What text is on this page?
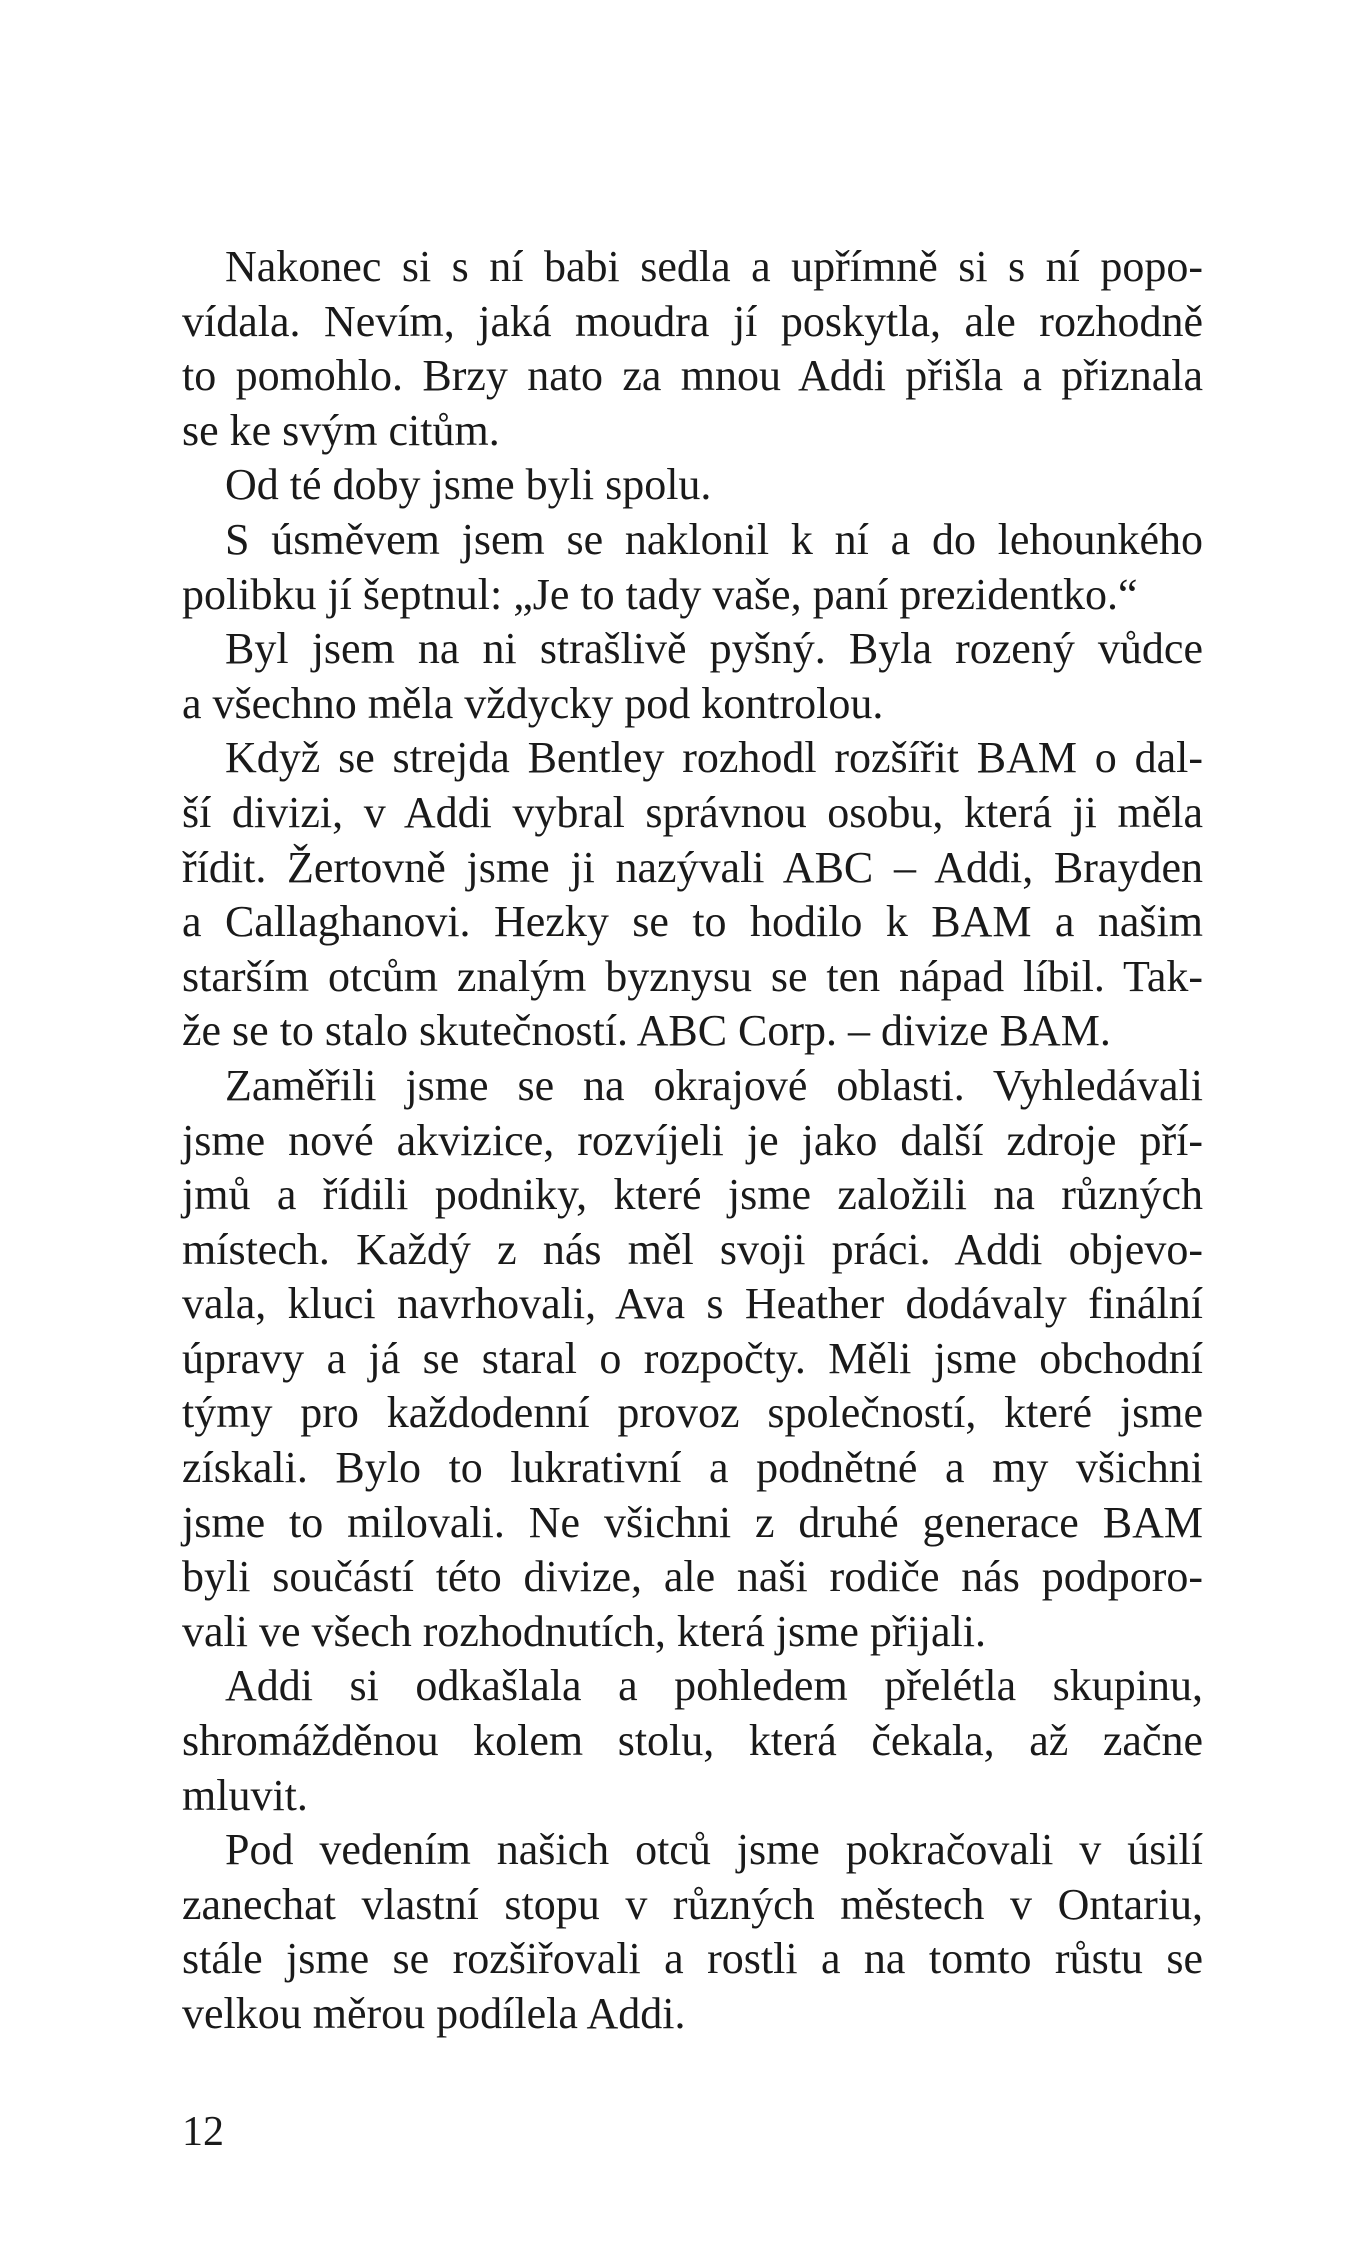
Nakonec si s ní babi sedla a upřímně si s ní popo-
vídala. Nevím, jaká moudra jí poskytla, ale rozhodně
to pomohlo. Brzy nato za mnou Addi přišla a přiznala
se ke svým citům.
Od té doby jsme byli spolu.
S úsměvem jsem se naklonil k ní a do lehounkého
polibku jí šeptnul: „Je to tady vaše, paní prezidentko.“
Byl jsem na ni strašlivě pyšný. Byla rozený vůdce
a všechno měla vždycky pod kontrolou.
Když se strejda Bentley rozhodl rozšířit BAM o dal-
ší divizi, v Addi vybral správnou osobu, která ji měla
řídit. Žertovně jsme ji nazývali ABC – Addi, Brayden
a Callaghanovi. Hezky se to hodilo k BAM a našim
starším otcům znalým byznysu se ten nápad líbil. Tak-
že se to stalo skutečností. ABC Corp. – divize BAM.
Zaměřili jsme se na okrajové oblasti. Vyhledávali
jsme nové akvizice, rozvíjeli je jako další zdroje pří-
jmů a řídili podniky, které jsme založili na různých
místech. Každý z nás měl svoji práci. Addi objevo-
vala, kluci navrhovali, Ava s Heather dodávaly finální
úpravy a já se staral o rozpočty. Měli jsme obchodní
týmy pro každodenní provoz společností, které jsme
získali. Bylo to lukrativní a podnětné a my všichni
jsme to milovali. Ne všichni z druhé generace BAM
byli součástí této divize, ale naši rodiče nás podporo-
vali ve všech rozhodnutích, která jsme přijali.
Addi si odkašlala a pohledem přelétla skupinu,
shromážděnou kolem stolu, která čekala, až začne
mluvit.
Pod vedením našich otců jsme pokračovali v úsilí
zanechat vlastní stopu v různých městech v Ontariu,
stále jsme se rozšiřovali a rostli a na tomto růstu se
velkou měrou podílela Addi.
12
